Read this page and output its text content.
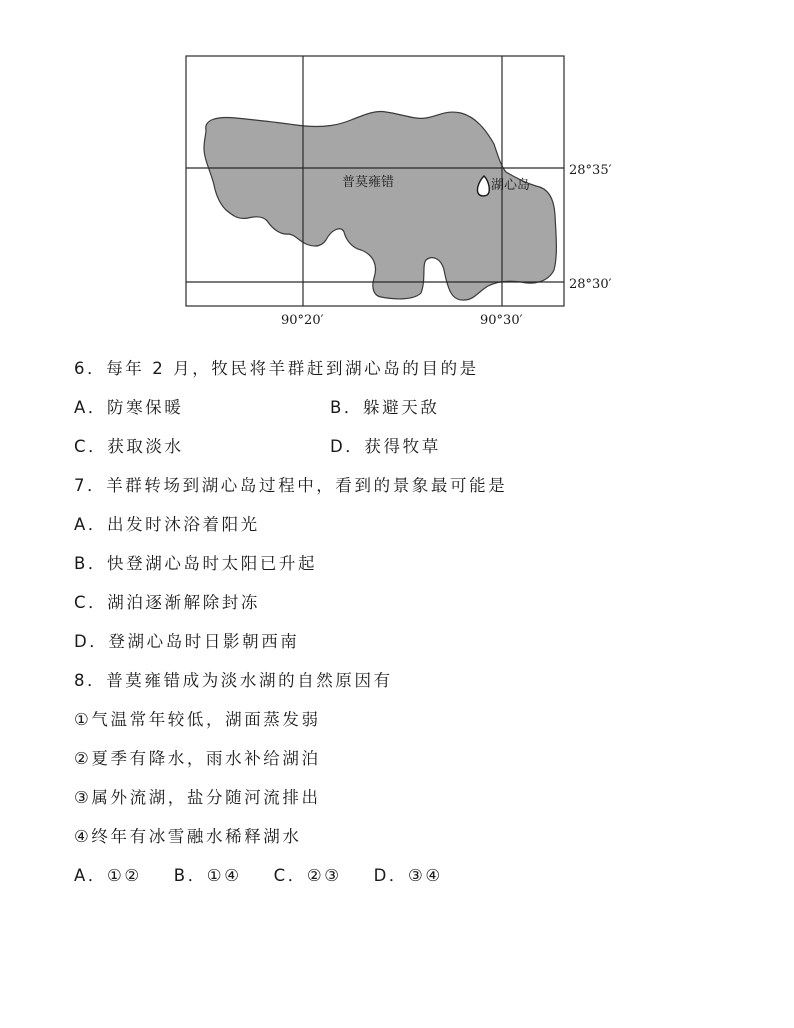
普莫雍错	湖心岛
28°35′
28°30′
90°20′	90°30′
6．每年 2 月，牧民将羊群赶到湖心岛的目的是
A．防寒保暖	B．躲避天敌
C．获取淡水	D．获得牧草
7．羊群转场到湖心岛过程中，看到的景象最可能是
A．出发时沐浴着阳光
B．快登湖心岛时太阳已升起
C．湖泊逐渐解除封冻
D．登湖心岛时日影朝西南
8．普莫雍错成为淡水湖的自然原因有
①气温常年较低，湖面蒸发弱
②夏季有降水，雨水补给湖泊
③属外流湖，盐分随河流排出
④终年有冰雪融水稀释湖水
A．①② B．①④ C．②③ D．③④
